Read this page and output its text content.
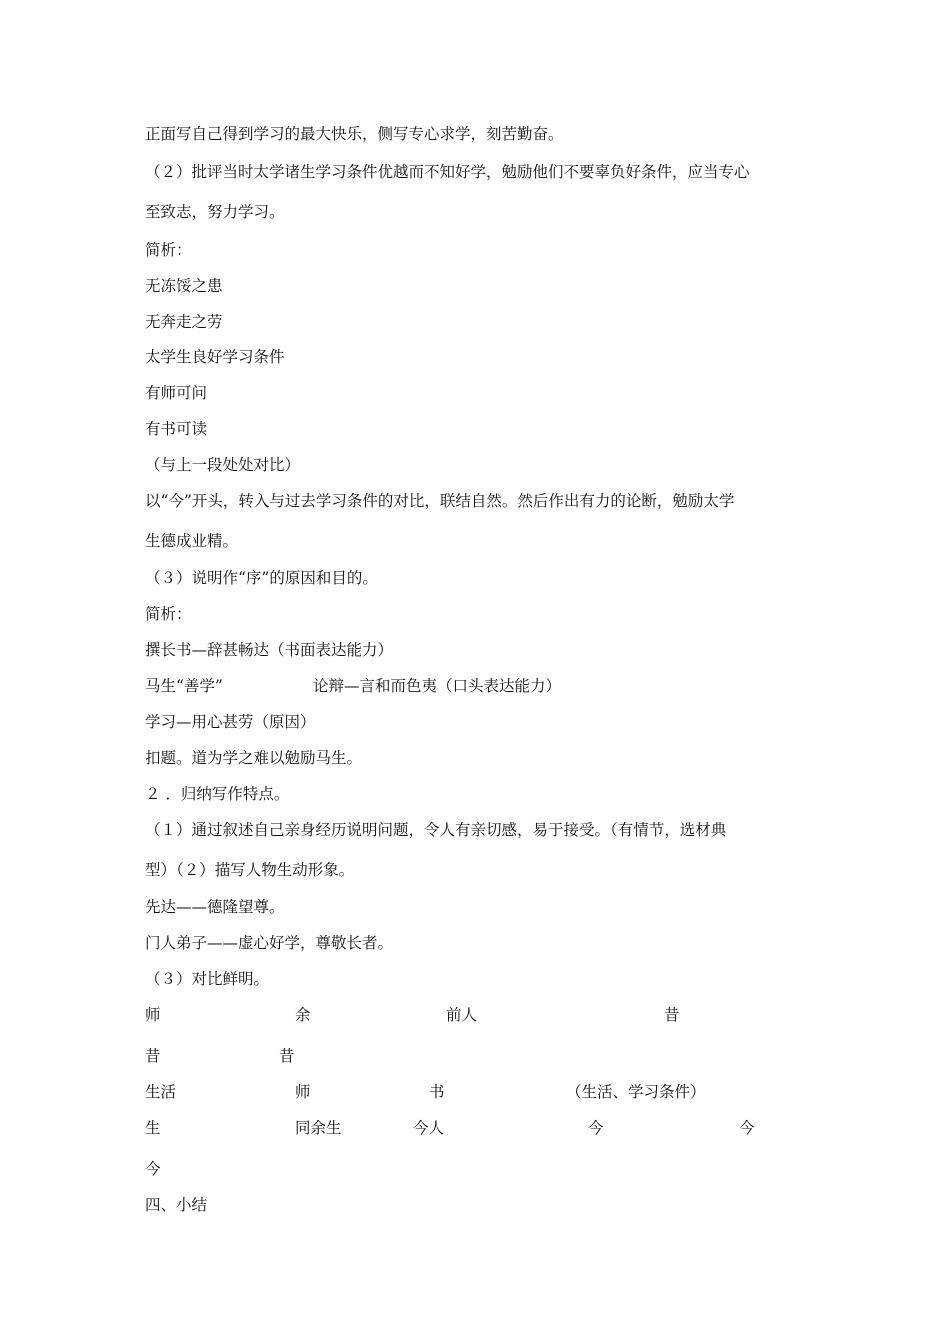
正面写自己得到学习的最大快乐，侧写专心求学，刻苦勤奋。
（２）批评当时太学诸生学习条件优越而不知好学，勉励他们不要辜负好条件，应当专心
至致志，努力学习。
简析：
无冻馁之患
无奔走之劳
太学生良好学习条件
有师可问
有书可读
（与上一段处处对比）
以“今”开头，转入与过去学习条件的对比，联结自然。然后作出有力的论断，勉励太学
生德成业精。
（３）说明作“序”的原因和目的。
简析：
撰长书—辞甚畅达（书面表达能力）
马生“善学”	论辩—言和而色夷（口头表达能力）
学习—用心甚劳（原因）
扣题。道为学之难以勉励马生。
２ ．归纳写作特点。
（１）通过叙述自己亲身经历说明问题，令人有亲切感，易于接受。（有情节，选材典
型）（２）描写人物生动形象。
先达——德隆望尊。
门人弟子——虚心好学，尊敬长者。
（３）对比鲜明。
师	余	前人	昔
昔	昔
生活	师	书	（生活、学习条件）
生	同余生	今人	今	今
今
四、小结
